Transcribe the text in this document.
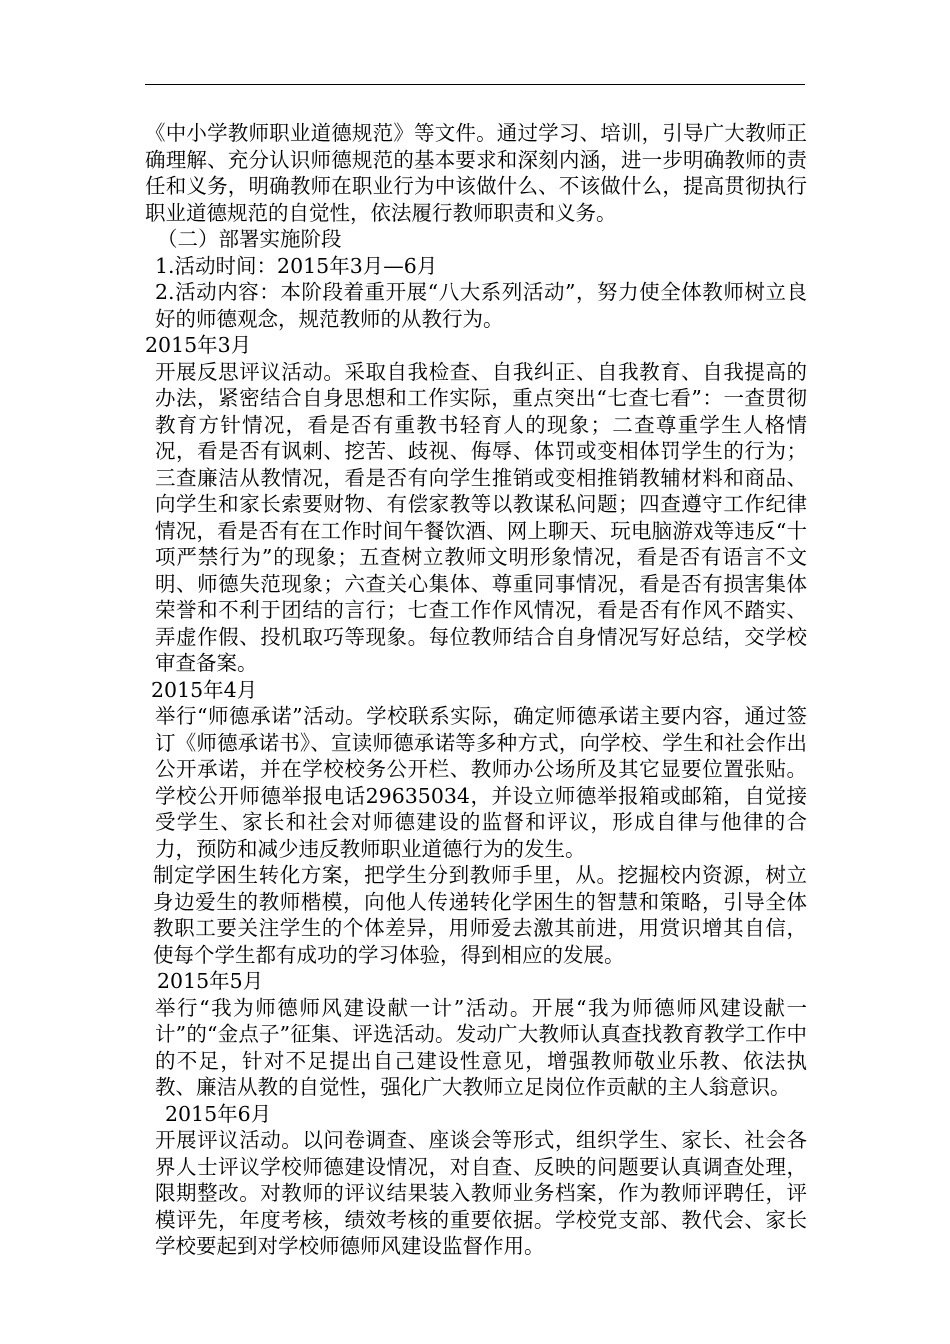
《中小学教师职业道德规范》等文件。通过学习、培训，引导广大教师正确理解、充分认识师德规范的基本要求和深刻内涵，进一步明确教师的责任和义务，明确教师在职业行为中该做什么、不该做什么，提高贯彻执行职业道德规范的自觉性，依法履行教师职责和义务。

（二）部署实施阶段

1.活动时间：2015年3月—6月

2.活动内容：本阶段着重开展“八大系列活动”，努力使全体教师树立良好的师德观念，规范教师的从教行为。

2015年3月

开展反思评议活动。采取自我检查、自我纠正、自我教育、自我提高的办法，紧密结合自身思想和工作实际，重点突出“七查七看”：一查贯彻教育方针情况，看是否有重教书轻育人的现象；二查尊重学生人格情况，看是否有讽刺、挖苦、歧视、侮辱、体罚或变相体罚学生的行为；三查廉洁从教情况，看是否有向学生推销或变相推销教辅材料和商品、向学生和家长索要财物、有偿家教等以教谋私问题；四查遵守工作纪律情况，看是否有在工作时间午餐饮酒、网上聊天、玩电脑游戏等违反“十项严禁行为”的现象；五查树立教师文明形象情况，看是否有语言不文明、师德失范现象；六查关心集体、尊重同事情况，看是否有损害集体荣誉和不利于团结的言行；七查工作作风情况，看是否有作风不踏实、弄虚作假、投机取巧等现象。每位教师结合自身情况写好总结，交学校审查备案。

2015年4月

举行“师德承诺”活动。学校联系实际，确定师德承诺主要内容，通过签订《师德承诺书》、宣读师德承诺等多种方式，向学校、学生和社会作出公开承诺，并在学校校务公开栏、教师办公场所及其它显要位置张贴。学校公开师德举报电话29635034，并设立师德举报箱或邮箱，自觉接受学生、家长和社会对师德建设的监督和评议，形成自律与他律的合力，预防和减少违反教师职业道德行为的发生。

制定学困生转化方案，把学生分到教师手里，从。挖掘校内资源，树立身边爱生的教师楷模，向他人传递转化学困生的智慧和策略，引导全体教职工要关注学生的个体差异，用师爱去激其前进，用赏识增其自信，使每个学生都有成功的学习体验，得到相应的发展。

2015年5月

举行“我为师德师风建设献一计”活动。开展“我为师德师风建设献一计”的“金点子”征集、评选活动。发动广大教师认真查找教育教学工作中的不足，针对不足提出自己建设性意见，增强教师敬业乐教、依法执教、廉洁从教的自觉性，强化广大教师立足岗位作贡献的主人翁意识。

2015年6月

开展评议活动。以问卷调查、座谈会等形式，组织学生、家长、社会各界人士评议学校师德建设情况，对自查、反映的问题要认真调查处理，限期整改。对教师的评议结果装入教师业务档案，作为教师评聘任，评模评先，年度考核，绩效考核的重要依据。学校党支部、教代会、家长学校要起到对学校师德师风建设监督作用。
